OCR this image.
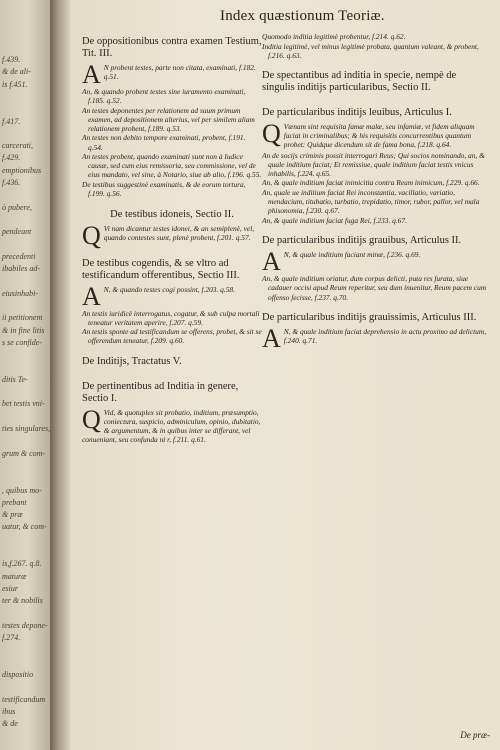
f.439.
& de ali-
is f.451.
f.417.
carcerati,
f.429.
emptionibus
f.436.
ò pubere,
pendeant
precedenti
ibabiles ad-
eiusinhabi-
ii petitionem
& in fine litis
s se confide-
ditis Te-
bet testis vni-
ties singulares,
grum & com-
, quibus mo-
prebant
& præ
uatur, & com-
is,f.267. q.8.
maturæ
esiur
ter & nobilis
testes depone-
f.274.
dispositio
testificandum
ibus
& de
Index quæstionum Teoriæ.
De oppositionibus contra examen Testium, Tit. III.
A N probent testes, parte non citata, examinati, f.182. q.51.
An, & quando probent testes sine iuramento examinati, f.185. q.52.
An testes deponentes per relationem ad suum primum examen, ad depositionem alterius, vel per similem aliam relationem probent, f.189. q.53.
An testes non debito tempore examinati, probent, f.191. q.54.
An testes probent, quando examinati sunt non à Iudice causæ, sed cum eius remissoria, seu commissione, vel de eius mandato, vel sine, à Notario, siue ab alio, f.196. q.55.
De testibus suggestinè examinatis, & de eorum tortura, f.199. q.56.
De testibus idoneis, Sectio II.
Q Vi nam dicantur testes idonei, & an semiplenè, vel, quando contestes sunt, plenè probent, f.201. q.57.
De testibus cogendis, & se vltro ad testificandum offerentibus, Sectio III.
A N, & quando testes cogi possint, f.203. q.58.
An testis iuridicè interrogatus, cogatur, & sub culpa mortali teneatur veritatem aperire, f.207. q.59.
An testis sponte ad testificandum se offerens, probet, & sit se offerendum teneatur, f.209. q.60.
De Inditijs, Tractatus V.
De pertinentibus ad Inditia in genere, Sectio I.
Q Vid, & quotuplex sit probatio, inditium, præsumptio, coniectura, suspicio, adminiculum, opinio, dubitatio, & argumentum, & in quibus inter se differant, vel conueniant, seu confunda ni r, f.211. q.61.
Quomodo inditia legitimè probentur, f.214. q.62.
Inditia legitimè, vel minus legitimè probata, quantum valeant, & probent, f.216. q.63.
De spectantibus ad inditia in specie, nempè de singulis inditijs particularibus, Sectio II.
De particularibus inditijs leuibus, Articulus I.
Q Vænam sint requisita famæ malæ, seu infamiæ, vt fidem aliquam faciat in criminalibus; & his requisitis concurrentibus quantum probet: Quidque dicendum sit de fama bona, f.218. q.64.
An de socijs criminis possit interrogari Reus; Qui socios nominando, an, & quale inditium faciat; Et remissiue, quale inditium faciat testis vnicus inhabilis, f.224. q.65.
An, & quale inditium faciat inimicitia contra Reum inimicum, f.229. q.66.
An, quale ue inditium faciat Rei inconstantia, vacillatio, variatio, mendacium, titubatio, turbatio, trepidatio, timor, rubor, pallor, vel mala phisonomia, f.230. q.67.
An, & quale inditium faciat fuga Rei, f.233. q.67.
De particularibus inditijs grauibus, Articulus II.
A N, & quale inditium faciant minæ, f.236. q.69.
An, & quale inditium oriatur, dum corpus delicti, puta res furata, siue cadauer occisi apud Reum reperitur, seu dum inuenitur, Reum pacem cum offenso fecisse, f.237. q.70.
De particularibus inditijs grauissimis, Articulus III.
A N, & quale inditium faciat deprehensio in actu proximo ad delictum, f.240. q.71.
De præ-
